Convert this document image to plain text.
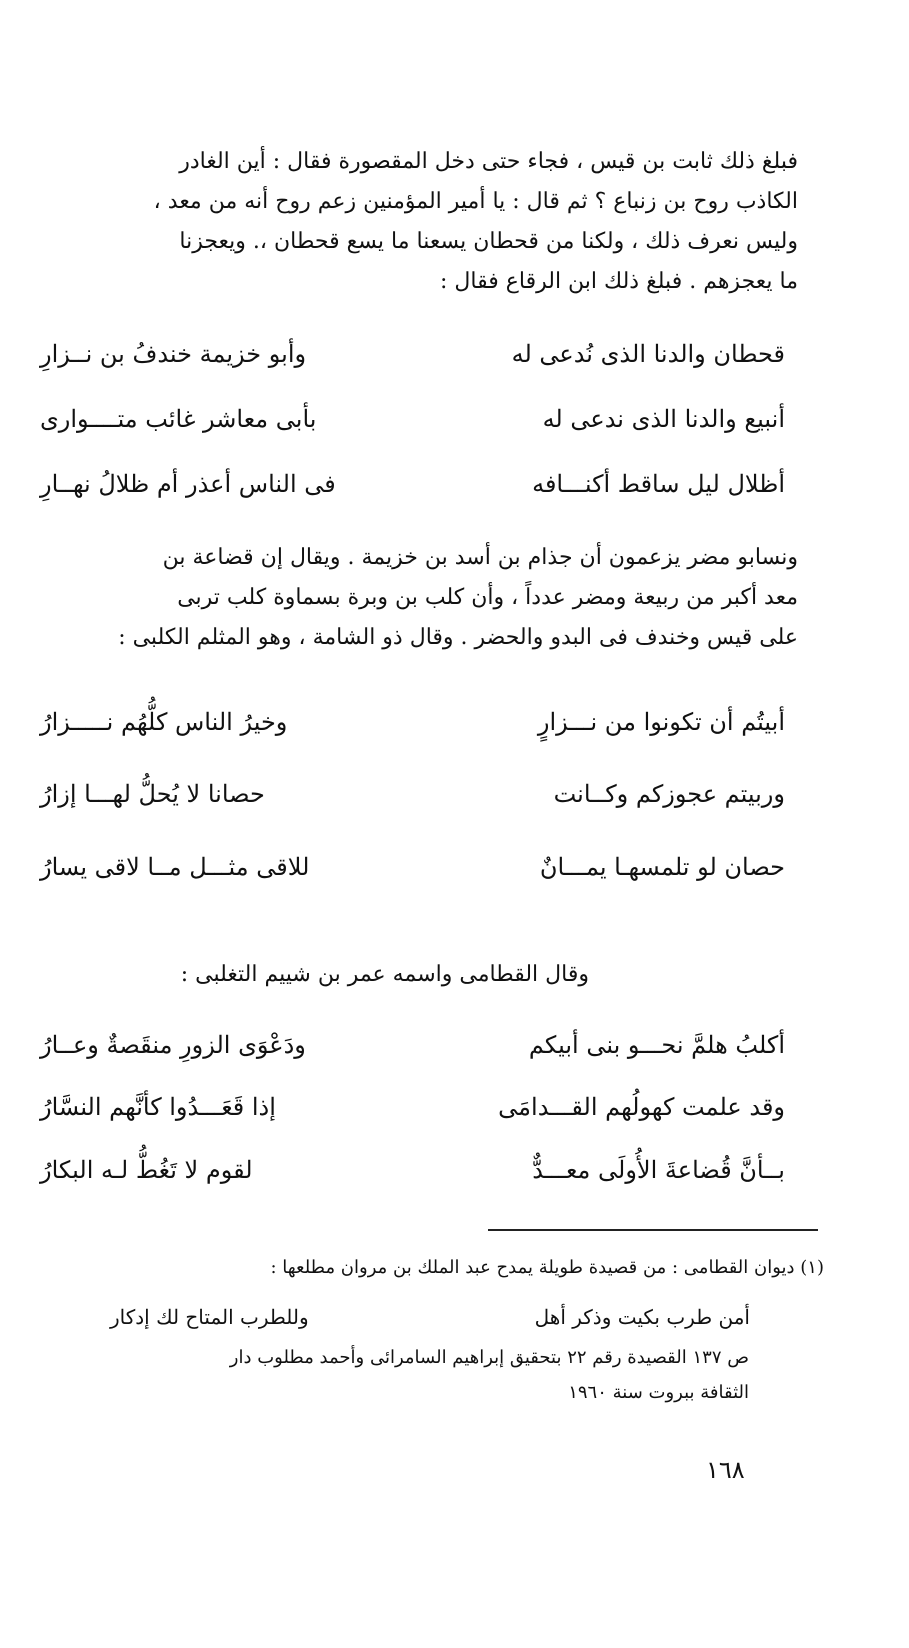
فبلغ ذلك ثابت بن قيس ، فجاء حتى دخل المقصورة فقال : أين الغادر
الكاذب روح بن زنباع ؟ ثم قال : يا أمير المؤمنين زعم روح أنه من معد ،
وليس نعرف ذلك ، ولكنا من قحطان يسعنا ما يسع قحطان ،. ويعجزنا
ما يعجزهم . فبلغ ذلك ابن الرقاع فقال :
قحطان والدنا الذى نُدعى له
وأبو خزيمة خندفُ بن نــزارِ
أنبيع والدنا الذى ندعى له
بأبى معاشر غائب متــــوارى
أظلال ليل ساقط أكنـــافه
فى الناس أعذر أم ظلالُ نهــارِ
ونسابو مضر يزعمون أن جذام بن أسد بن خزيمة . ويقال إن قضاعة بن
معد أكبر من ربيعة ومضر عدداً ، وأن كلب بن وبرة بسماوة كلب تربى
على قيس وخندف فى البدو والحضر . وقال ذو الشامة ، وهو المثلم الكلبى :
أبيتُم أن تكونوا من نـــزارٍ
وخيرُ الناس كلُّهُم نـــــزارُ
وربيتم عجوزكم وكــانت
حصانا لا يُحلُّ لهـــا إزارُ
حصان لو تلمسهـا يمـــانٌ
للاقى مثـــل مــا لاقى يسارُ
وقال القطامى واسمه عمر بن شييم التغلبى :
أكلبُ هلمَّ نحـــو بنى أبيكم
ودَعْوَى الزورِ منقَصةٌ وعــارُ
وقد علمت كهولُهم القـــدامَى
إذا قَعَـــدُوا كأنَّهم النسَّارُ
بــأنَّ قُضاعةَ الأُولَى معـــدٌّ
لقوم لا تَغُطُّ لـه البكارُ
(١) ديوان القطامى : من قصيدة طويلة يمدح عبد الملك بن مروان مطلعها :
أمن طرب بكيت وذكر أهل
وللطرب المتاح لك إدكار
ص ١٣٧ القصيدة رقم ٢٢ بتحقيق إبراهيم السامرائى وأحمد مطلوب دار
الثقافة ببروت سنة ١٩٦٠
١٦٨
